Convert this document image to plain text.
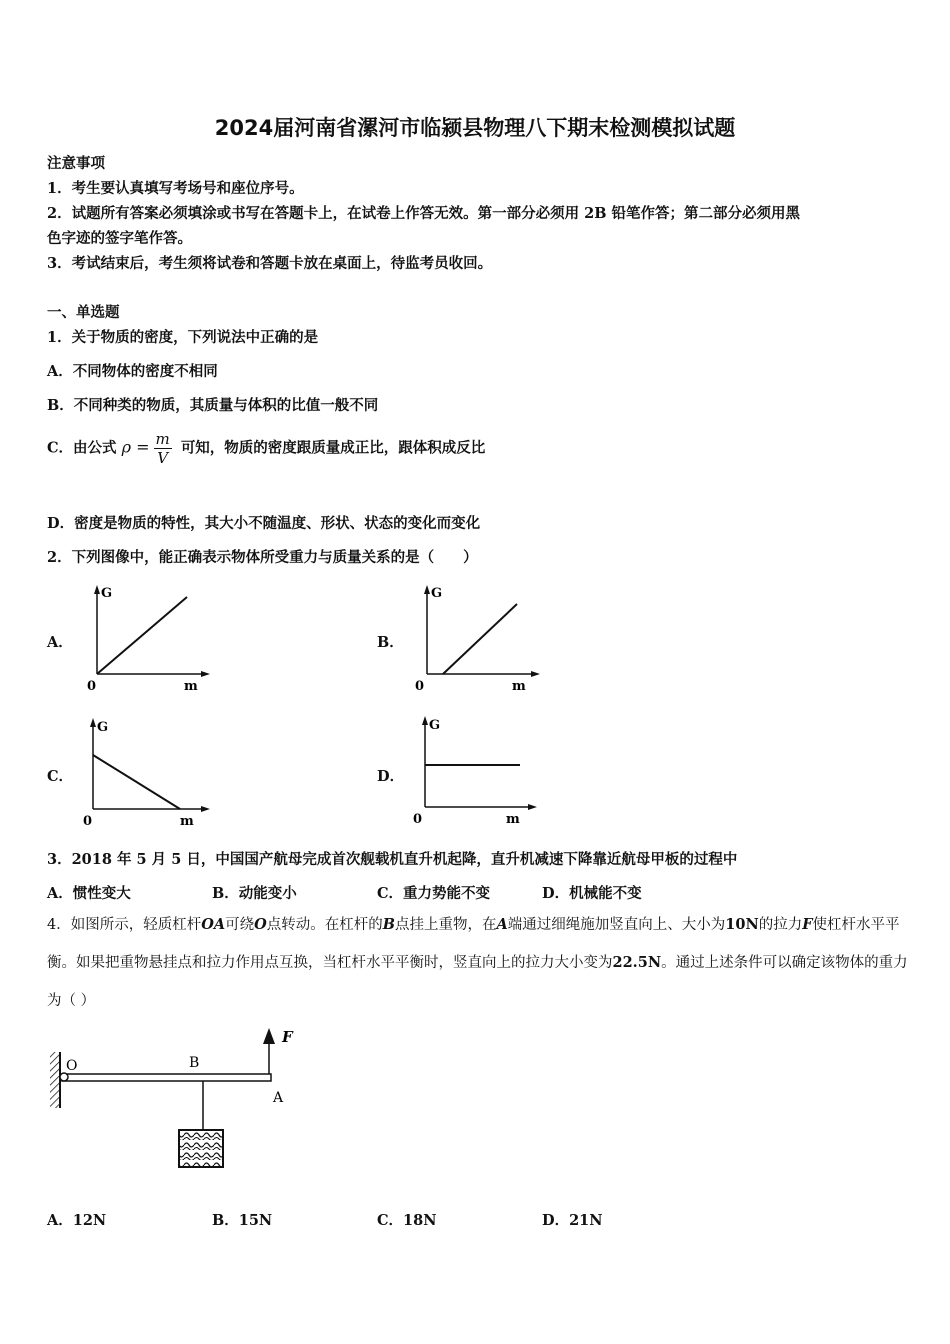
2024届河南省漯河市临颍县物理八下期末检测模拟试题
注意事项
1．考生要认真填写考场号和座位序号。
2．试题所有答案必须填涂或书写在答题卡上，在试卷上作答无效。第一部分必须用 2B 铅笔作答；第二部分必须用黑
色字迹的签字笔作答。
3．考试结束后，考生须将试卷和答题卡放在桌面上，待监考员收回。
一、单选题
1．关于物质的密度，下列说法中正确的是
A．不同物体的密度不相同
B．不同种类的物质，其质量与体积的比值一般不同
C．由公式 $\rho = \frac{m}{V}$ 可知，物质的密度跟质量成正比，跟体积成反比
D．密度是物质的特性，其大小不随温度、形状、状态的变化而变化
2．下列图像中，能正确表示物体所受重力与质量关系的是（　　）
A．
G
m
0
B．
G
m
0
C．
G
m
0
D．
G
m
0
3．2018 年 5 月 5 日，中国国产航母完成首次舰载机直升机起降，直升机减速下降靠近航母甲板的过程中
A．惯性变大	B．动能变小	C．重力势能不变	D．机械能不变
4．如图所示，轻质杠杆OA可绕O点转动。在杠杆的B点挂上重物，在A端通过细绳施加竖直向上、大小为10N的拉力F使杠杆水平平衡。如果把重物悬挂点和拉力作用点互换，当杠杆水平平衡时，竖直向上的拉力大小变为22.5N。通过上述条件可以确定该物体的重力为（ ）
O	B
A
F
A．12N	B．15N	C．18N	D．21N
